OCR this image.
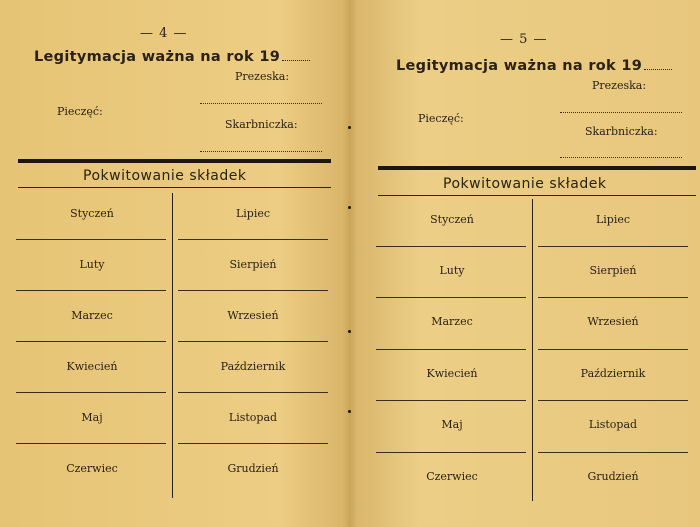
— 4 —
Legitymacja ważna na rok 19
Prezeska:
Pieczęć:
Skarbniczka:
Pokwitowanie składek
Styczeń
Luty
Marzec
Kwiecień
Maj
Czerwiec
Lipiec
Sierpień
Wrzesień
Październik
Listopad
Grudzień
— 5 —
Legitymacja ważna na rok 19
Prezeska:
Pieczęć:
Skarbniczka:
Pokwitowanie składek
Styczeń
Luty
Marzec
Kwiecień
Maj
Czerwiec
Lipiec
Sierpień
Wrzesień
Październik
Listopad
Grudzień
